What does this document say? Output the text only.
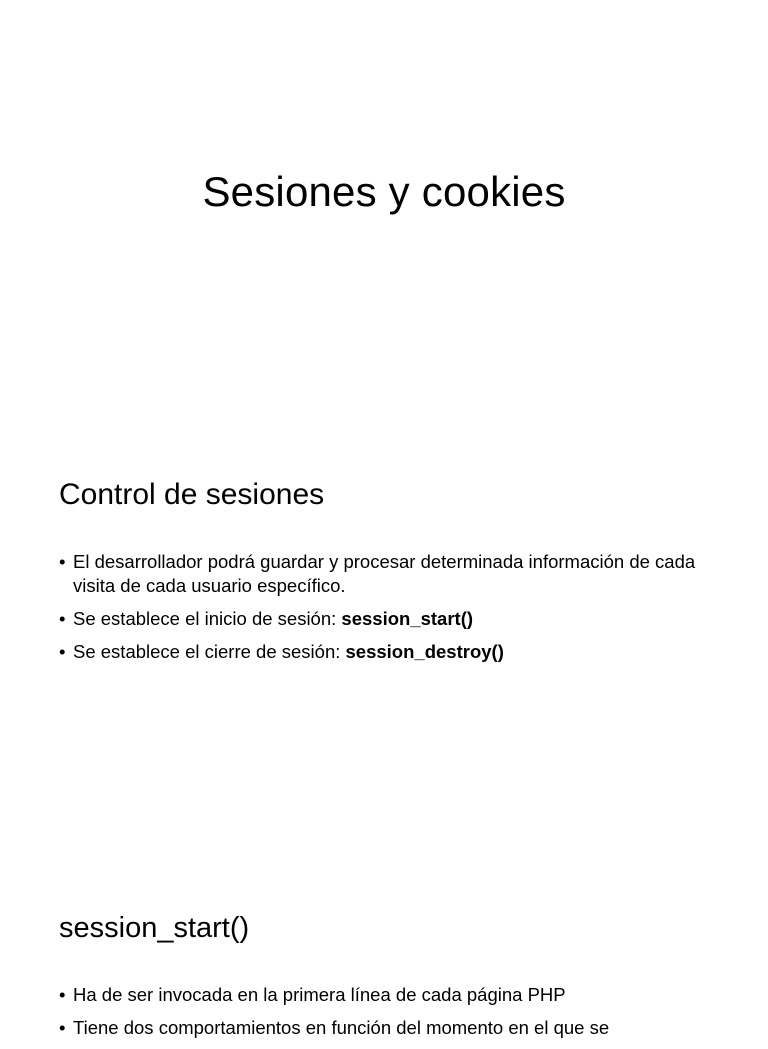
Sesiones y cookies
Control de sesiones
• El desarrollador podrá guardar y procesar determinada información de cada visita de cada usuario específico.
• Se establece el inicio de sesión: session_start()
• Se establece el cierre de sesión: session_destroy()
session_start()
• Ha de ser invocada en la primera línea de cada página PHP
• Tiene dos comportamientos en función del momento en el que se
